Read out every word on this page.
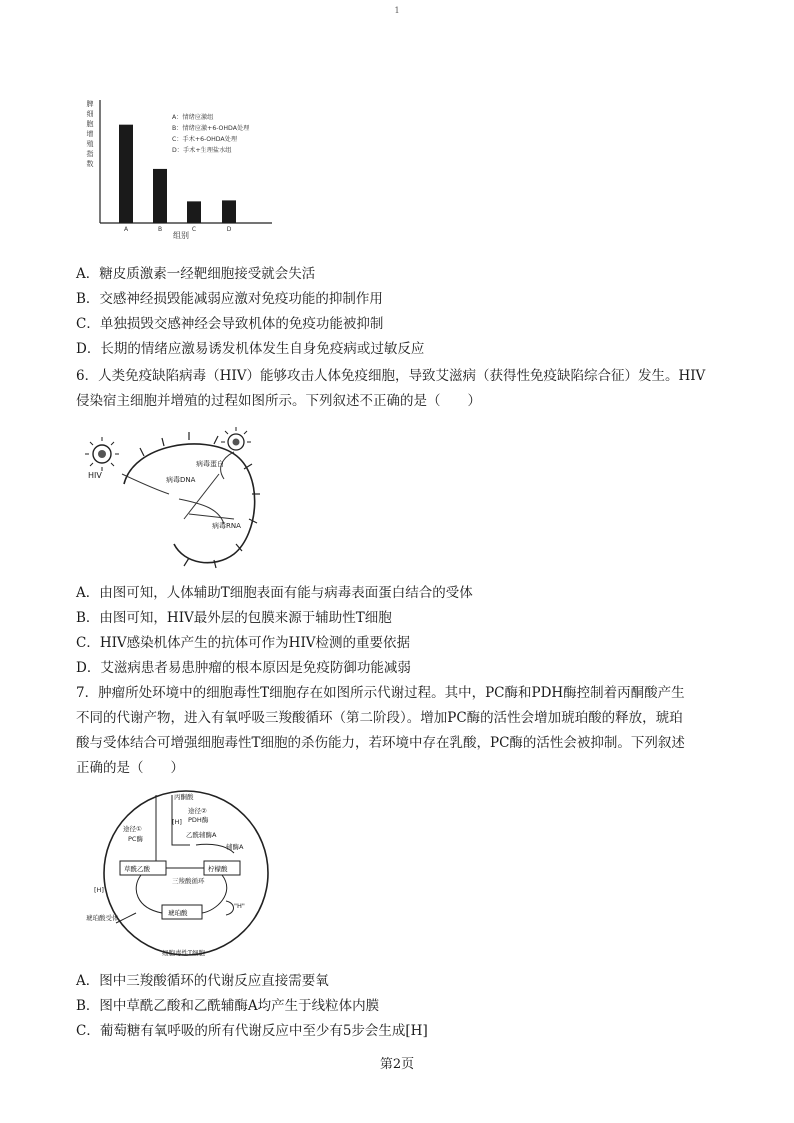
1
脾
细
胞
增
殖
指
数
A	B	C	D
A：情绪应激组
B：情绪应激+6-OHDA处理
C：手术+6-OHDA处理
D：手术+生理盐水组
组别
A．糖皮质激素一经靶细胞接受就会失活
B．交感神经损毁能减弱应激对免疫功能的抑制作用
C．单独损毁交感神经会导致机体的免疫功能被抑制
D．长期的情绪应激易诱发机体发生自身免疫病或过敏反应
6．人类免疫缺陷病毒（HIV）能够攻击人体免疫细胞，导致艾滋病（获得性免疫缺陷综合征）发生。HIV
侵染宿主细胞并增殖的过程如图所示。下列叙述不正确的是（　　）
HIV	病毒DNA
病毒RNA
病毒蛋白
A．由图可知，人体辅助T细胞表面有能与病毒表面蛋白结合的受体
B．由图可知，HIV最外层的包膜来源于辅助性T细胞
C．HIV感染机体产生的抗体可作为HIV检测的重要依据
D．艾滋病患者易患肿瘤的根本原因是免疫防御功能减弱
7．肿瘤所处环境中的细胞毒性T细胞存在如图所示代谢过程。其中，PC酶和PDH酶控制着丙酮酸产生
不同的代谢产物，进入有氧呼吸三羧酸循环（第二阶段）。增加PC酶的活性会增加琥珀酸的释放，琥珀
酸与受体结合可增强细胞毒性T细胞的杀伤能力，若环境中存在乳酸，PC酶的活性会被抑制。下列叙述
正确的是（　　）
丙酮酸
途径②
PDH酶
[H]
途径①
PC酶	乙酰辅酶A
辅酶A
三羧酸循环
[H]
"H"
琥珀酸受体
细胞毒性T细胞
草酰乙酸	柠檬酸
琥珀酸
A．图中三羧酸循环的代谢反应直接需要氧
B．图中草酰乙酸和乙酰辅酶A均产生于线粒体内膜
C．葡萄糖有氧呼吸的所有代谢反应中至少有5步会生成[H]
第2页
